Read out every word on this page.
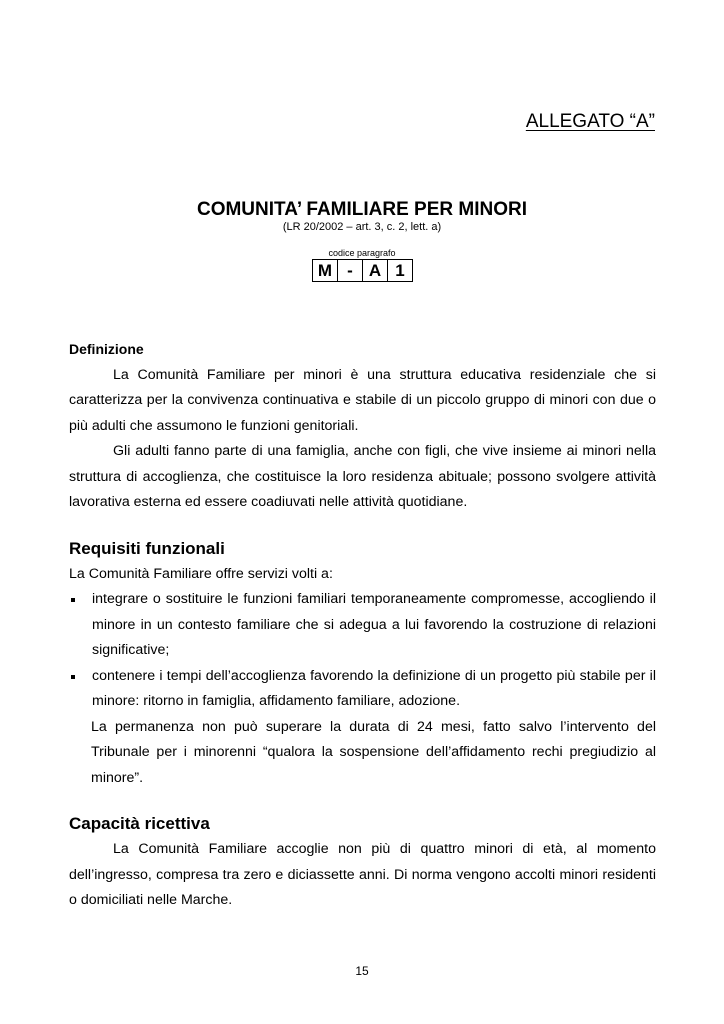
ALLEGATO “A”
COMUNITA’ FAMILIARE PER MINORI
(LR 20/2002 – art. 3, c. 2, lett. a)
codice paragrafo
M - A 1
Definizione

La Comunità Familiare per minori è una struttura educativa residenziale che si caratterizza per la convivenza continuativa e stabile di un piccolo gruppo di minori con due o più adulti che assumono le funzioni genitoriali.

Gli adulti fanno parte di una famiglia, anche con figli, che vive insieme ai minori nella struttura di accoglienza, che costituisce la loro residenza abituale; possono svolgere attività lavorativa esterna ed essere coadiuvati nelle attività quotidiane.

Requisiti funzionali

La Comunità Familiare offre servizi volti a:

integrare o sostituire le funzioni familiari temporaneamente compromesse, accogliendo il minore in un contesto familiare che si adegua a lui favorendo la costruzione di relazioni significative;
contenere i tempi dell’accoglienza favorendo la definizione di un progetto più stabile per il minore: ritorno in famiglia, affidamento familiare, adozione.

La permanenza non può superare la durata di 24 mesi, fatto salvo l’intervento del Tribunale per i minorenni “qualora la sospensione dell’affidamento rechi pregiudizio al minore”.

Capacità ricettiva

La Comunità Familiare accoglie non più di quattro minori di età, al momento dell’ingresso, compresa tra zero e diciassette anni. Di norma vengono accolti minori residenti o domiciliati nelle Marche.

15
